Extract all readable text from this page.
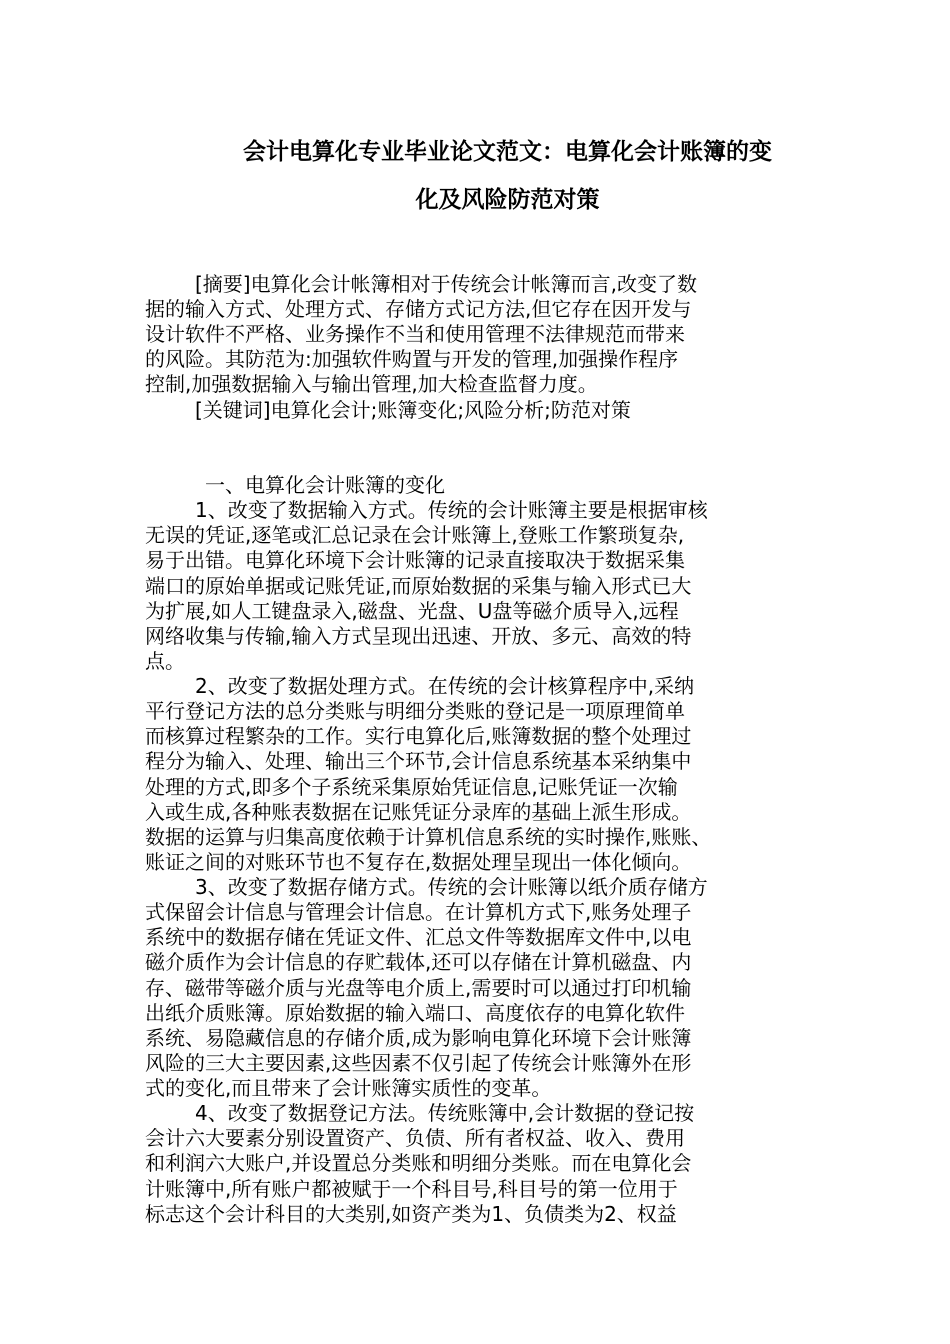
会计电算化专业毕业论文范文：电算化会计账簿的变
化及风险防范对策
[摘要]电算化会计帐簿相对于传统会计帐簿而言,改变了数
据的输入方式、处理方式、存储方式记方法,但它存在因开发与
设计软件不严格、业务操作不当和使用管理不法律规范而带来
的风险。其防范为:加强软件购置与开发的管理,加强操作程序
控制,加强数据输入与输出管理,加大检查监督力度。
[关键词]电算化会计;账簿变化;风险分析;防范对策
一、电算化会计账簿的变化
1、改变了数据输入方式。传统的会计账簿主要是根据审核
无误的凭证,逐笔或汇总记录在会计账簿上,登账工作繁琐复杂,
易于出错。电算化环境下会计账簿的记录直接取决于数据采集
端口的原始单据或记账凭证,而原始数据的采集与输入形式已大
为扩展,如人工键盘录入,磁盘、光盘、U盘等磁介质导入,远程
网络收集与传输,输入方式呈现出迅速、开放、多元、高效的特
点。
2、改变了数据处理方式。在传统的会计核算程序中,采纳
平行登记方法的总分类账与明细分类账的登记是一项原理简单
而核算过程繁杂的工作。实行电算化后,账簿数据的整个处理过
程分为输入、处理、输出三个环节,会计信息系统基本采纳集中
处理的方式,即多个子系统采集原始凭证信息,记账凭证一次输
入或生成,各种账表数据在记账凭证分录库的基础上派生形成。
数据的运算与归集高度依赖于计算机信息系统的实时操作,账账、
账证之间的对账环节也不复存在,数据处理呈现出一体化倾向。
3、改变了数据存储方式。传统的会计账簿以纸介质存储方
式保留会计信息与管理会计信息。在计算机方式下,账务处理子
系统中的数据存储在凭证文件、汇总文件等数据库文件中,以电
磁介质作为会计信息的存贮载体,还可以存储在计算机磁盘、内
存、磁带等磁介质与光盘等电介质上,需要时可以通过打印机输
出纸介质账簿。原始数据的输入端口、高度依存的电算化软件
系统、易隐藏信息的存储介质,成为影响电算化环境下会计账簿
风险的三大主要因素,这些因素不仅引起了传统会计账簿外在形
式的变化,而且带来了会计账簿实质性的变革。
4、改变了数据登记方法。传统账簿中,会计数据的登记按
会计六大要素分别设置资产、负债、所有者权益、收入、费用
和利润六大账户,并设置总分类账和明细分类账。而在电算化会
计账簿中,所有账户都被赋于一个科目号,科目号的第一位用于
标志这个会计科目的大类别,如资产类为1、负债类为2、权益
